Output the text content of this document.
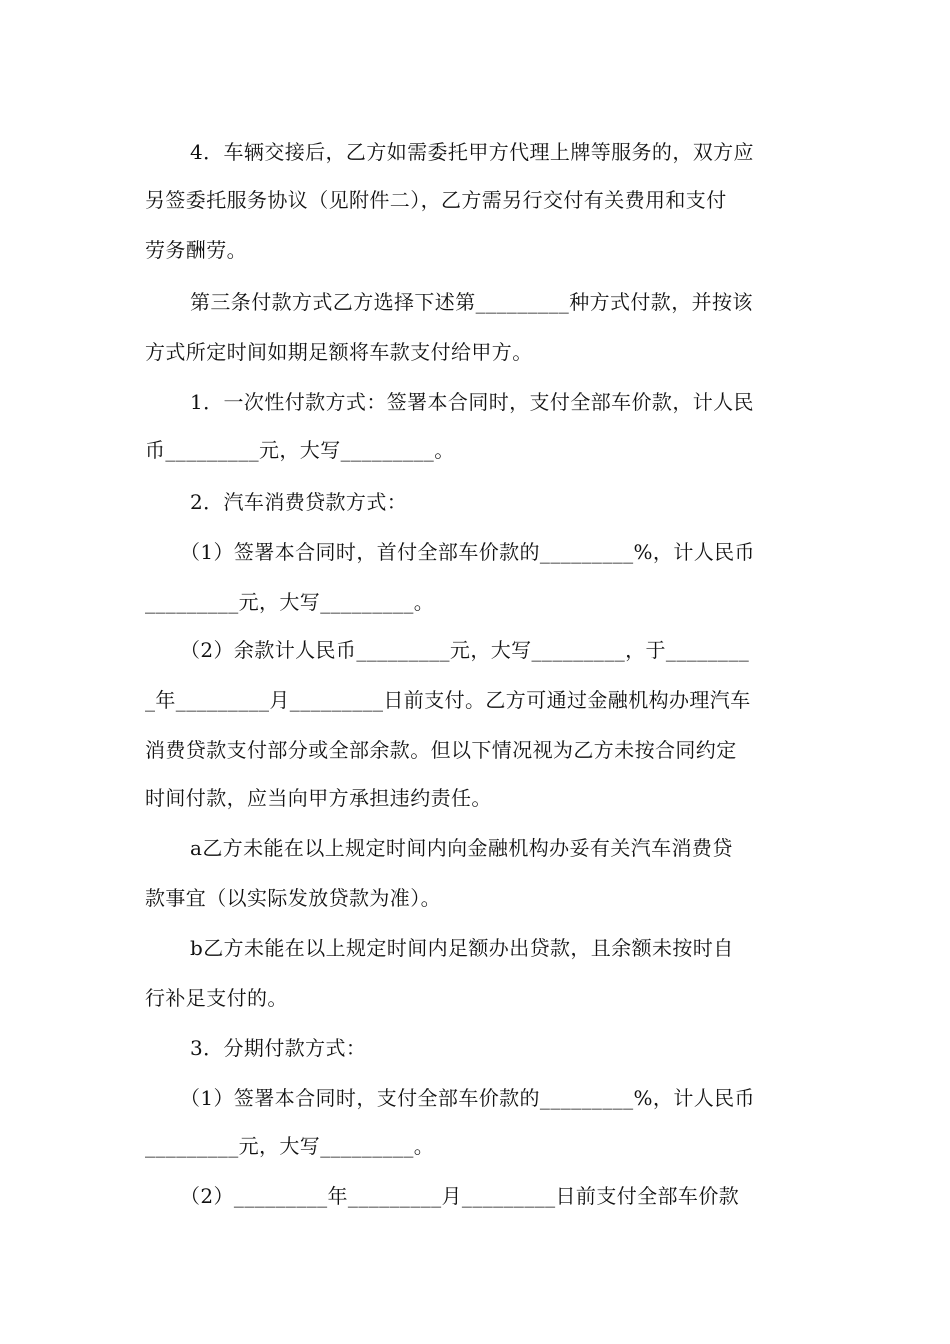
4．车辆交接后，乙方如需委托甲方代理上牌等服务的，双方应
另签委托服务协议（见附件二），乙方需另行交付有关费用和支付
劳务酬劳。
第三条付款方式乙方选择下述第_________种方式付款，并按该
方式所定时间如期足额将车款支付给甲方。
1．一次性付款方式：签署本合同时，支付全部车价款，计人民
币_________元，大写_________。
2．汽车消费贷款方式：
（1）签署本合同时，首付全部车价款的_________%，计人民币
_________元，大写_________。
（2）余款计人民币_________元，大写_________，于________
_年_________月_________日前支付。乙方可通过金融机构办理汽车
消费贷款支付部分或全部余款。但以下情况视为乙方未按合同约定
时间付款，应当向甲方承担违约责任。
a乙方未能在以上规定时间内向金融机构办妥有关汽车消费贷
款事宜（以实际发放贷款为准）。
b乙方未能在以上规定时间内足额办出贷款，且余额未按时自
行补足支付的。
3．分期付款方式：
（1）签署本合同时，支付全部车价款的_________%，计人民币
_________元，大写_________。
（2）_________年_________月_________日前支付全部车价款
